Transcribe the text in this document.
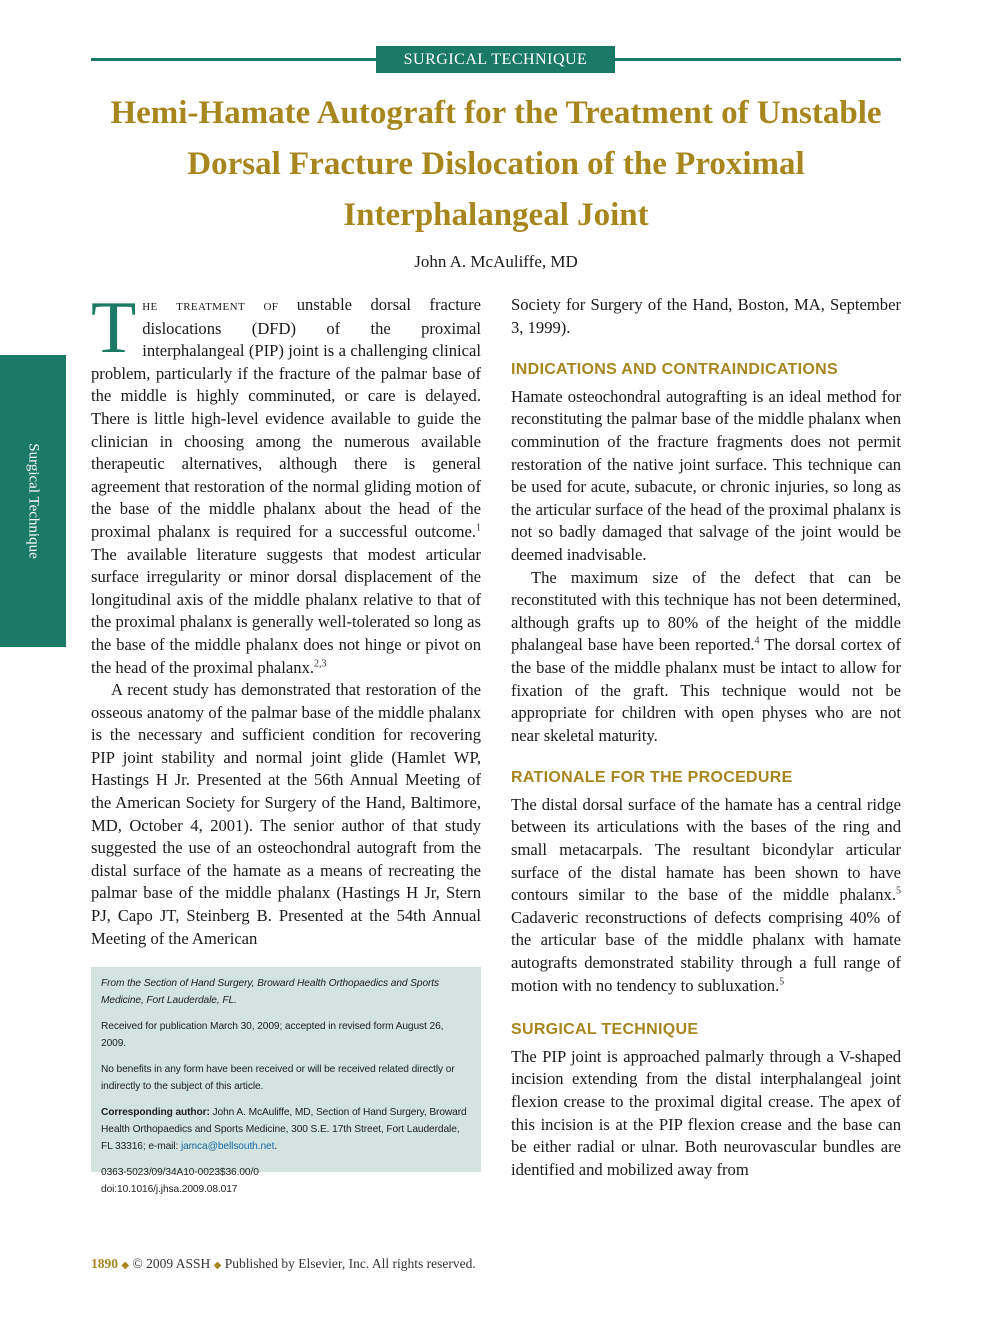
SURGICAL TECHNIQUE
Hemi-Hamate Autograft for the Treatment of Unstable Dorsal Fracture Dislocation of the Proximal Interphalangeal Joint
John A. McAuliffe, MD
Surgical Technique

The treatment of unstable dorsal fracture dislocations (DFD) of the proximal interphalangeal (PIP) joint is a challenging clinical problem, particularly if the fracture of the palmar base of the middle is highly comminuted, or care is delayed. There is little high-level evidence available to guide the clinician in choosing among the numerous available therapeutic alternatives, although there is general agreement that restoration of the normal gliding motion of the base of the middle phalanx about the head of the proximal phalanx is required for a successful outcome.$^1$ The available literature suggests that modest articular surface irregularity or minor dorsal displacement of the longitudinal axis of the middle phalanx relative to that of the proximal phalanx is generally well-tolerated so long as the base of the middle phalanx does not hinge or pivot on the head of the proximal phalanx.$^{2,3}$

A recent study has demonstrated that restoration of the osseous anatomy of the palmar base of the middle phalanx is the necessary and sufficient condition for recovering PIP joint stability and normal joint glide (Hamlet WP, Hastings H Jr. Presented at the 56th Annual Meeting of the American Society for Surgery of the Hand, Baltimore, MD, October 4, 2001). The senior author of that study suggested the use of an osteochondral autograft from the distal surface of the hamate as a means of recreating the palmar base of the middle phalanx (Hastings H Jr, Stern PJ, Capo JT, Steinberg B. Presented at the 54th Annual Meeting of the American

From the Section of Hand Surgery, Broward Health Orthopaedics and Sports Medicine, Fort Lauderdale, FL.

Received for publication March 30, 2009; accepted in revised form August 26, 2009.

No benefits in any form have been received or will be received related directly or indirectly to the subject of this article.

Corresponding author: John A. McAuliffe, MD, Section of Hand Surgery, Broward Health Orthopaedics and Sports Medicine, 300 S.E. 17th Street, Fort Lauderdale, FL 33316; e-mail: jamca@bellsouth.net.

0363-5023/09/34A10-0023$36.00/0

doi:10.1016/j.jhsa.2009.08.017

Society for Surgery of the Hand, Boston, MA, September 3, 1999).

INDICATIONS AND CONTRAINDICATIONS

Hamate osteochondral autografting is an ideal method for reconstituting the palmar base of the middle phalanx when comminution of the fracture fragments does not permit restoration of the native joint surface. This technique can be used for acute, subacute, or chronic injuries, so long as the articular surface of the head of the proximal phalanx is not so badly damaged that salvage of the joint would be deemed inadvisable.

The maximum size of the defect that can be reconstituted with this technique has not been determined, although grafts up to 80% of the height of the middle phalangeal base have been reported.$^4$ The dorsal cortex of the base of the middle phalanx must be intact to allow for fixation of the graft. This technique would not be appropriate for children with open physes who are not near skeletal maturity.

RATIONALE FOR THE PROCEDURE

The distal dorsal surface of the hamate has a central ridge between its articulations with the bases of the ring and small metacarpals. The resultant bicondylar articular surface of the distal hamate has been shown to have contours similar to the base of the middle phalanx.$^5$ Cadaveric reconstructions of defects comprising 40% of the articular base of the middle phalanx with hamate autografts demonstrated stability through a full range of motion with no tendency to subluxation.$^5$

SURGICAL TECHNIQUE

The PIP joint is approached palmarly through a V-shaped incision extending from the distal interphalangeal joint flexion crease to the proximal digital crease. The apex of this incision is at the PIP flexion crease and the base can be either radial or ulnar. Both neurovascular bundles are identified and mobilized away from

1890 ◆ © 2009 ASSH ◆ Published by Elsevier, Inc. All rights reserved.
